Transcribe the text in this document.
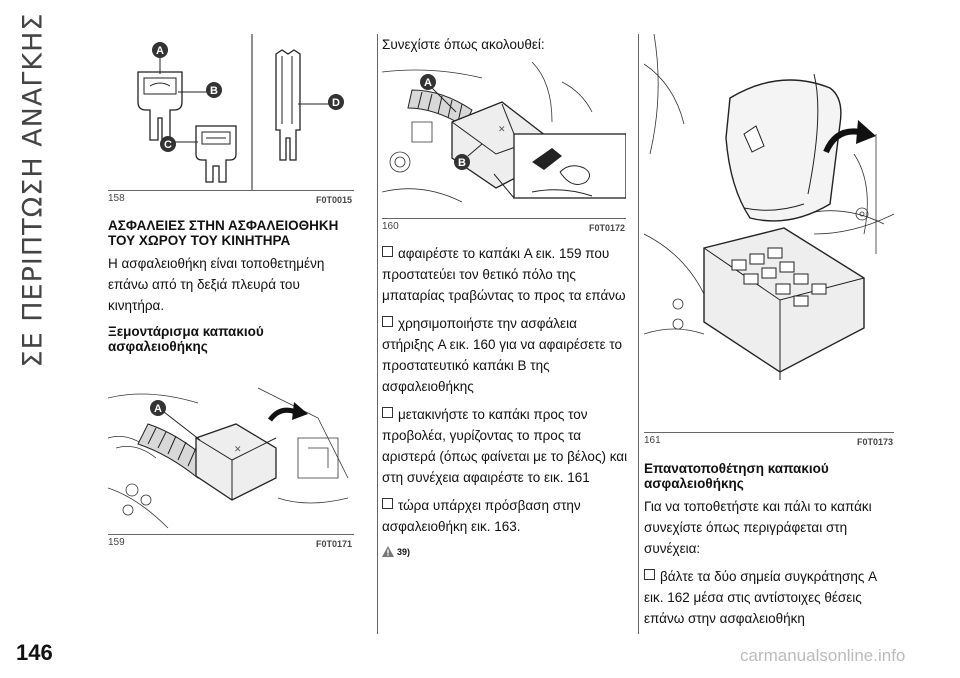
ΣΕ ΠΕΡΙΠΤΩΣΗ ΑΝΑΓΚΗΣ	A
B
C
D
158	F0T0015
ΑΣΦΑΛΕΙΕΣ ΣΤΗΝ ΑΣΦΑΛΕΙΟΘΗΚΗ ΤΟΥ ΧΩΡΟΥ ΤΟΥ ΚΙΝΗΤΗΡΑ

Η ασφαλειοθήκη είναι τοποθετημένη επάνω από τη δεξιά πλευρά του κινητήρα.

Ξεμοντάρισμα καπακιού ασφαλειοθήκης
✕
A
159	F0T0171

Συνεχίστε όπως ακολουθεί:

✕
A
B
160	F0T0172
αφαιρέστε το καπάκι A εικ. 159 που προστατεύει τον θετικό πόλο της μπαταρίας τραβώντας το προς τα επάνω
χρησιμοποιήστε την ασφάλεια στήριξης A εικ. 160 για να αφαιρέσετε το προστατευτικό καπάκι B της ασφαλειοθήκης
μετακινήστε το καπάκι προς τον προβολέα, γυρίζοντας το προς τα αριστερά (όπως φαίνεται με το βέλος) και στη συνέχεια αφαιρέστε το εικ. 161
τώρα υπάρχει πρόσβαση στην ασφαλειοθήκη εικ. 163.
39)
161	F0T0173
Επανατοποθέτηση καπακιού ασφαλειοθήκης

Για να τοποθετήστε και πάλι το καπάκι συνεχίστε όπως περιγράφεται στη συνέχεια:

βάλτε τα δύο σημεία συγκράτησης A εικ. 162 μέσα στις αντίστοιχες θέσεις επάνω στην ασφαλειοθήκη
146	carmanualsonline.info
